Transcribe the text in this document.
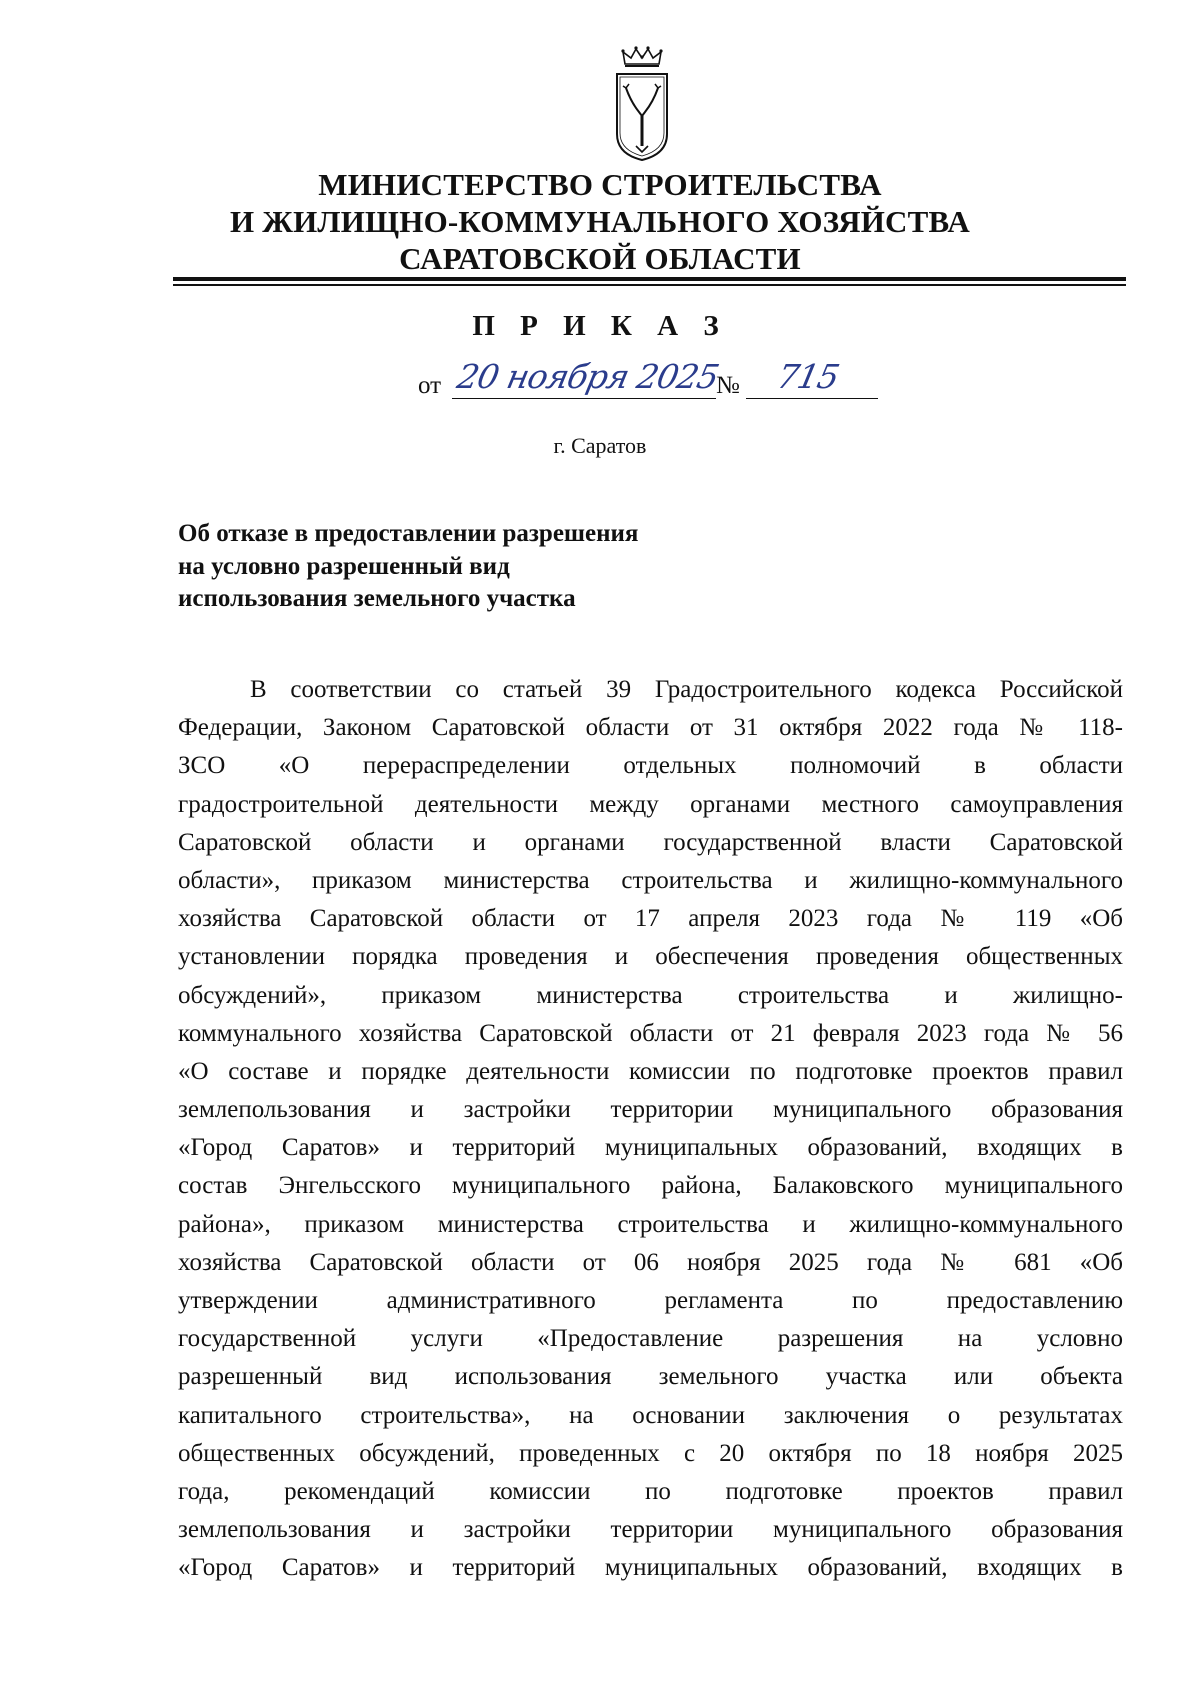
МИНИСТЕРСТВО СТРОИТЕЛЬСТВА
И ЖИЛИЩНО-КОММУНАЛЬНОГО ХОЗЯЙСТВА
САРАТОВСКОЙ ОБЛАСТИ
П Р И К А З
от 20 ноября 2025
№ 715
г. Саратов
Об отказе в предоставлении разрешения
на условно разрешенный вид
использования земельного участка
В соответствии со статьей 39 Градостроительного кодекса Российской
Федерации, Законом Саратовской области от 31 октября 2022 года № 118-
ЗСО «О перераспределении отдельных полномочий в области
градостроительной деятельности между органами местного самоуправления
Саратовской области и органами государственной власти Саратовской
области», приказом министерства строительства и жилищно-коммунального
хозяйства Саратовской области от 17 апреля 2023 года № 119 «Об
установлении порядка проведения и обеспечения проведения общественных
обсуждений», приказом министерства строительства и жилищно-
коммунального хозяйства Саратовской области от 21 февраля 2023 года № 56
«О составе и порядке деятельности комиссии по подготовке проектов правил
землепользования и застройки территории муниципального образования
«Город Саратов» и территорий муниципальных образований, входящих в
состав Энгельсского муниципального района, Балаковского муниципального
района», приказом министерства строительства и жилищно-коммунального
хозяйства Саратовской области от 06 ноября 2025 года № 681 «Об
утверждении административного регламента по предоставлению
государственной услуги «Предоставление разрешения на условно
разрешенный вид использования земельного участка или объекта
капитального строительства», на основании заключения о результатах
общественных обсуждений, проведенных с 20 октября по 18 ноября 2025
года, рекомендаций комиссии по подготовке проектов правил
землепользования и застройки территории муниципального образования
«Город Саратов» и территорий муниципальных образований, входящих в
